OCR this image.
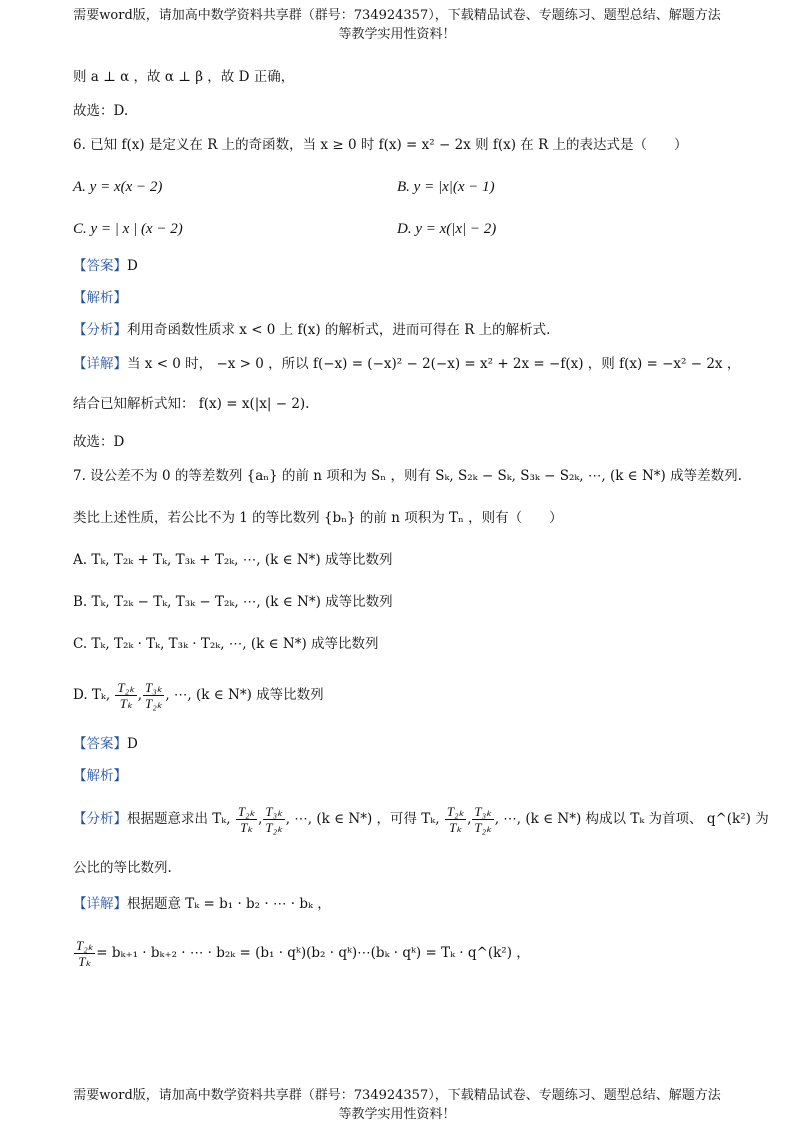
需要word版，请加高中数学资料共享群（群号：734924357），下载精品试卷、专题练习、题型总结、解题方法
等教学实用性资料！
则 a ⊥ α ，故 α ⊥ β ，故 D 正确，
故选：D.
6. 已知 f(x) 是定义在 R 上的奇函数，当 x ≥ 0 时 f(x) = x² − 2x 则 f(x) 在 R 上的表达式是（　　）
A. y = x(x − 2)	B. y = |x|(x − 1)
C. y = | x | (x − 2)	D. y = x(|x| − 2)
【答案】D
【解析】
【分析】利用奇函数性质求 x < 0 上 f(x) 的解析式，进而可得在 R 上的解析式.
【详解】当 x < 0 时， −x > 0 ，所以 f(−x) = (−x)² − 2(−x) = x² + 2x = −f(x) ，则 f(x) = −x² − 2x ，
结合已知解析式知： f(x) = x(|x| − 2).
故选：D
7. 设公差不为 0 的等差数列 {aₙ} 的前 n 项和为 Sₙ ，则有 Sₖ, S₂ₖ − Sₖ, S₃ₖ − S₂ₖ, ⋯, (k ∈ N*) 成等差数列.
类比上述性质，若公比不为 1 的等比数列 {bₙ} 的前 n 项积为 Tₙ ，则有（　　）
A. Tₖ, T₂ₖ + Tₖ, T₃ₖ + T₂ₖ, ⋯, (k ∈ N*) 成等比数列
B. Tₖ, T₂ₖ − Tₖ, T₃ₖ − T₂ₖ, ⋯, (k ∈ N*) 成等比数列
C. Tₖ, T₂ₖ · Tₖ, T₃ₖ · T₂ₖ, ⋯, (k ∈ N*) 成等比数列
D. Tₖ, $\frac{\text{T₂ₖ}}{\text{Tₖ}}$ , $\frac{\text{T₃ₖ}}{\text{T₂ₖ}}$ , ⋯, (k ∈ N*) 成等比数列
【答案】D
【解析】
【分析】根据题意求出 Tₖ, $\frac{\text{T₂ₖ}}{\text{Tₖ}}$ , $\frac{\text{T₃ₖ}}{\text{T₂ₖ}}$ , ⋯, (k ∈ N*) ，可得 Tₖ, $\frac{\text{T₂ₖ}}{\text{Tₖ}}$ , $\frac{\text{T₃ₖ}}{\text{T₂ₖ}}$ , ⋯, (k ∈ N*) 构成以 Tₖ 为首项、 q^(k²) 为
公比的等比数列.
【详解】根据题意 Tₖ = b₁ · b₂ · ⋯ · bₖ ，
$\frac{\text{T₂ₖ}}{\text{Tₖ}} = b_{k+1} \cdot b_{k+2}$ · ⋯ · b₂ₖ = (b₁ · qᵏ)(b₂ · qᵏ)⋯(bₖ · qᵏ) = Tₖ · q^(k²) ，
需要word版，请加高中数学资料共享群（群号：734924357），下载精品试卷、专题练习、题型总结、解题方法
等教学实用性资料！
